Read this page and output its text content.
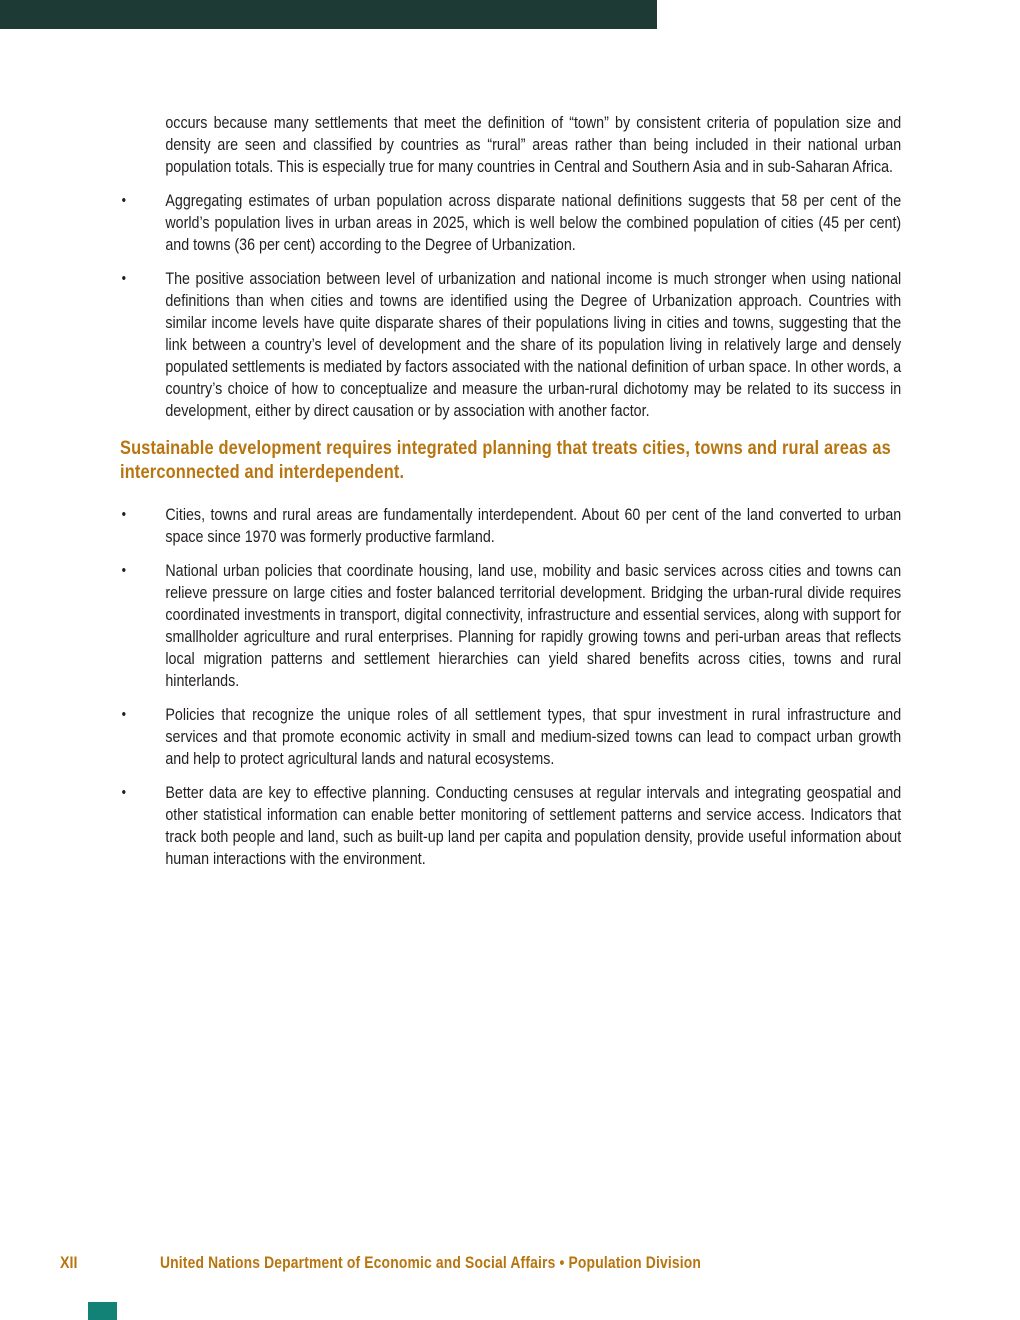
occurs because many settlements that meet the definition of “town” by consistent criteria of population size and density are seen and classified by countries as “rural” areas rather than being included in their national urban population totals. This is especially true for many countries in Central and Southern Asia and in sub-Saharan Africa.

•	Aggregating estimates of urban population across disparate national definitions suggests that 58 per cent of the world’s population lives in urban areas in 2025, which is well below the combined population of cities (45 per cent) and towns (36 per cent) according to the Degree of Urbanization.

•	The positive association between level of urbanization and national income is much stronger when using national definitions than when cities and towns are identified using the Degree of Urbanization approach. Countries with similar income levels have quite disparate shares of their populations living in cities and towns, suggesting that the link between a country’s level of development and the share of its population living in relatively large and densely populated settlements is mediated by factors associated with the national definition of urban space. In other words, a country’s choice of how to conceptualize and measure the urban-rural dichotomy may be related to its success in development, either by direct causation or by association with another factor.

Sustainable development requires integrated planning that treats cities, towns and rural areas as interconnected and interdependent.
•	Cities, towns and rural areas are fundamentally interdependent. About 60 per cent of the land converted to urban space since 1970 was formerly productive farmland.

•	National urban policies that coordinate housing, land use, mobility and basic services across cities and towns can relieve pressure on large cities and foster balanced territorial development. Bridging the urban-rural divide requires coordinated investments in transport, digital connectivity, infrastructure and essential services, along with support for smallholder agriculture and rural enterprises. Planning for rapidly growing towns and peri-urban areas that reflects local migration patterns and settlement hierarchies can yield shared benefits across cities, towns and rural hinterlands.

•	Policies that recognize the unique roles of all settlement types, that spur investment in rural infrastructure and services and that promote economic activity in small and medium-sized towns can lead to compact urban growth and help to protect agricultural lands and natural ecosystems.

•	Better data are key to effective planning. Conducting censuses at regular intervals and integrating geospatial and other statistical information can enable better monitoring of settlement patterns and service access. Indicators that track both people and land, such as built-up land per capita and population density, provide useful information about human interactions with the environment.

XII	United Nations Department of Economic and Social Affairs • Population Division
